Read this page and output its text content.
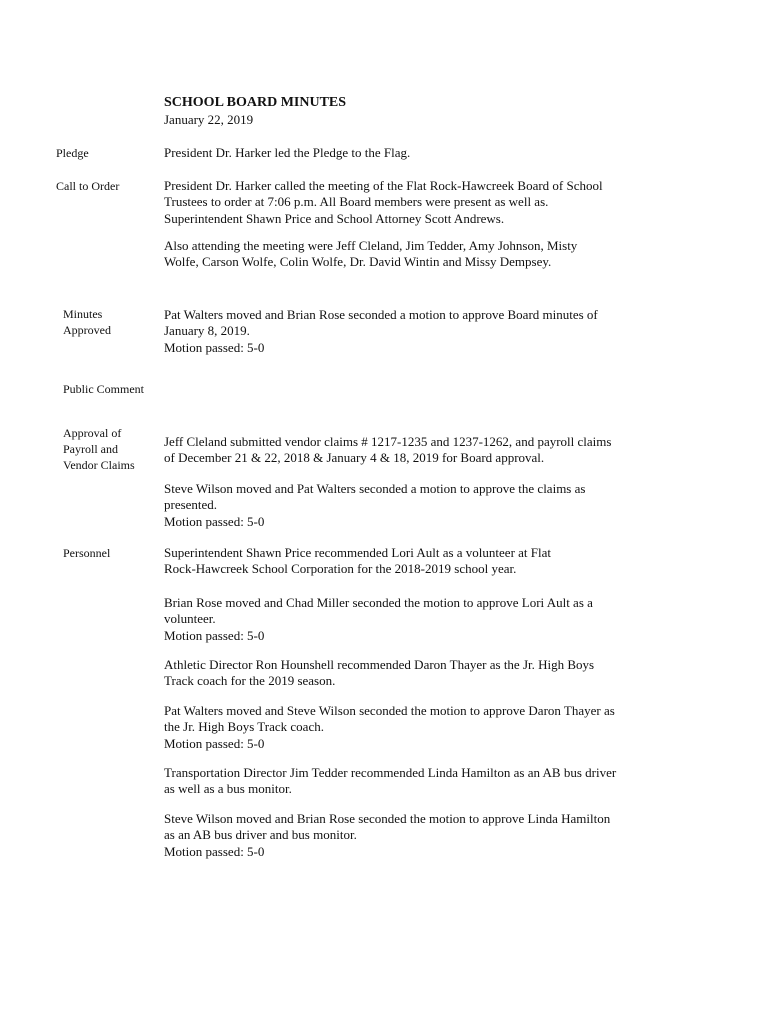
SCHOOL BOARD MINUTES
January 22, 2019
Pledge	President Dr. Harker led the Pledge to the Flag.
Call to Order	President Dr. Harker called the meeting of the Flat Rock-Hawcreek Board of School
Trustees to order at 7:06 p.m. All Board members were present as well as.
Superintendent Shawn Price and School Attorney Scott Andrews.
Also attending the meeting were Jeff Cleland, Jim Tedder, Amy Johnson, Misty
Wolfe, Carson Wolfe, Colin Wolfe, Dr. David Wintin and Missy Dempsey.
Minutes
Approved
Pat Walters moved and Brian Rose seconded a motion to approve Board minutes of
January 8, 2019.
Motion passed: 5-0
Public Comment
Approval of
Payroll and
Vendor Claims
Jeff Cleland submitted vendor claims # 1217-1235 and 1237-1262, and payroll claims
of December 21 & 22, 2018 & January 4 & 18, 2019 for Board approval.
Steve Wilson moved and Pat Walters seconded a motion to approve the claims as
presented.
Motion passed: 5-0
Personnel	Superintendent Shawn Price recommended Lori Ault as a volunteer at Flat
Rock-Hawcreek School Corporation for the 2018-2019 school year.
Brian Rose moved and Chad Miller seconded the motion to approve Lori Ault as a
volunteer.
Motion passed: 5-0
Athletic Director Ron Hounshell recommended Daron Thayer as the Jr. High Boys
Track coach for the 2019 season.
Pat Walters moved and Steve Wilson seconded the motion to approve Daron Thayer as
the Jr. High Boys Track coach.
Motion passed: 5-0
Transportation Director Jim Tedder recommended Linda Hamilton as an AB bus driver
as well as a bus monitor.
Steve Wilson moved and Brian Rose seconded the motion to approve Linda Hamilton
as an AB bus driver and bus monitor.
Motion passed: 5-0
